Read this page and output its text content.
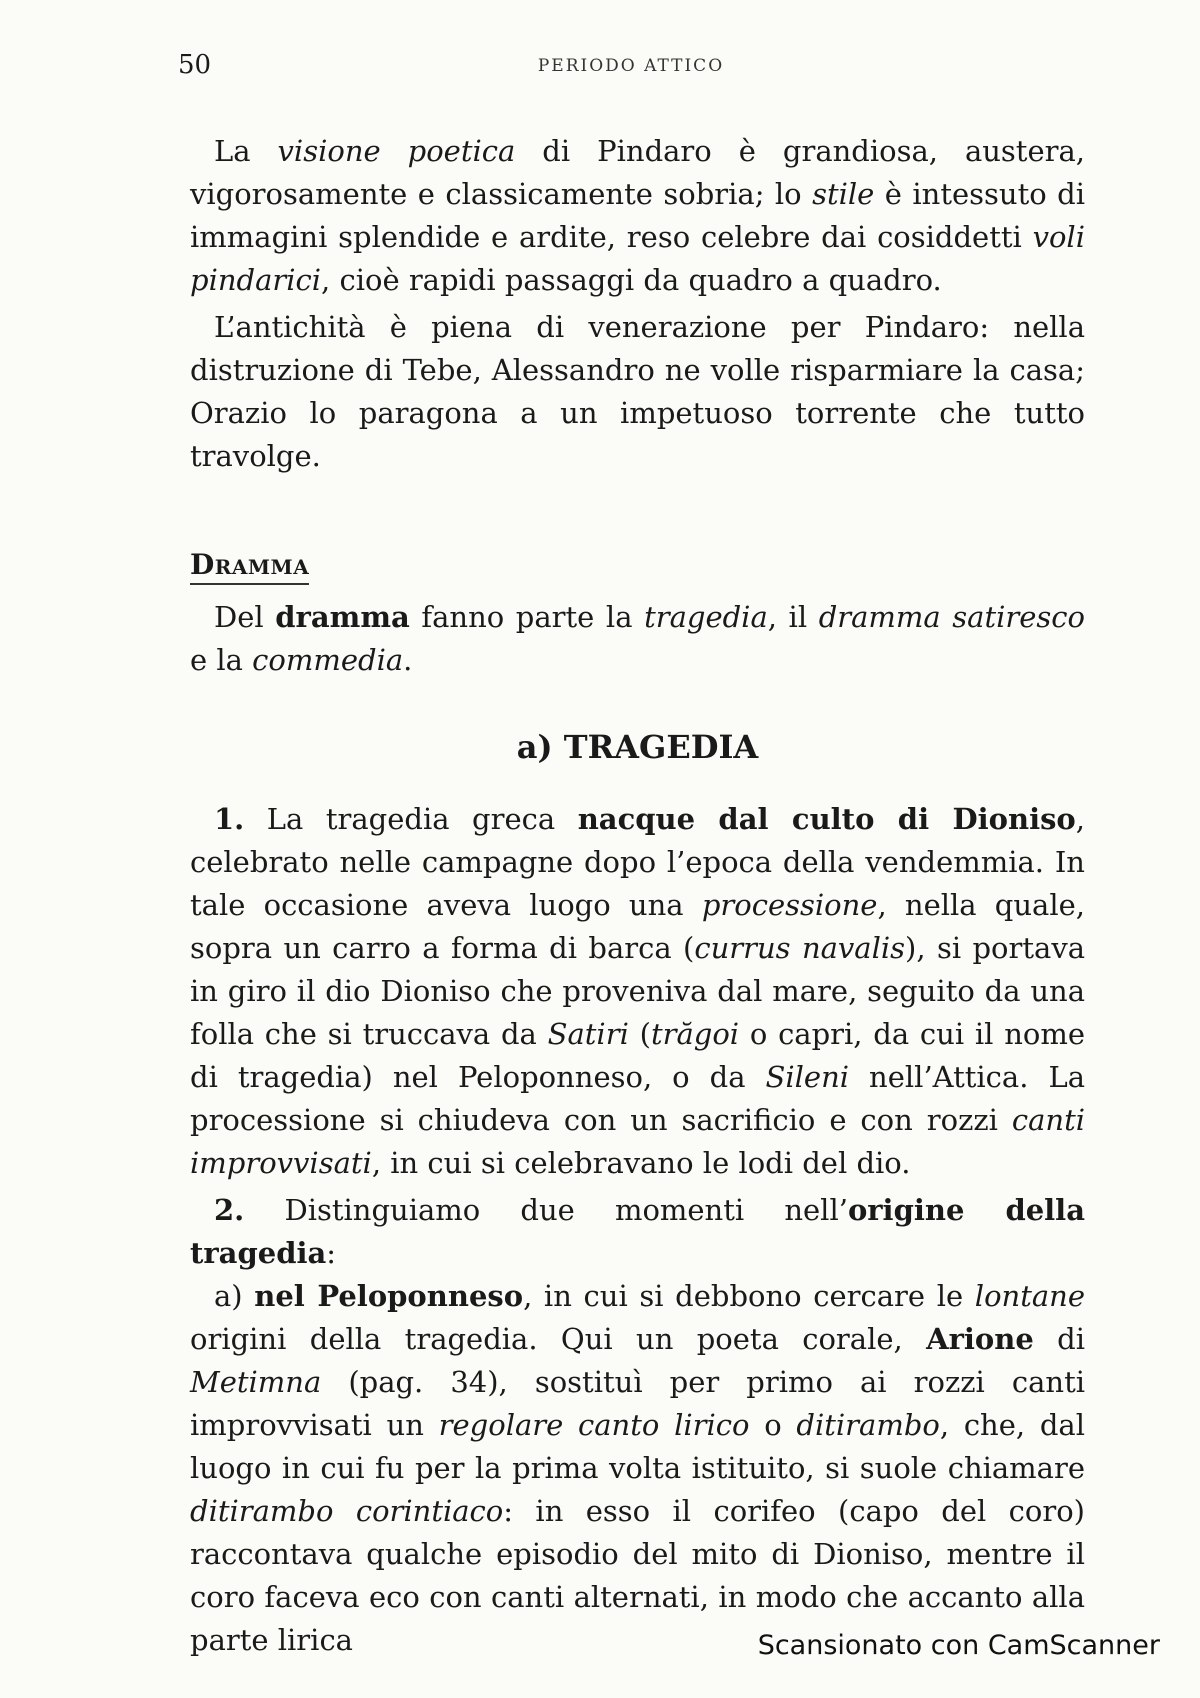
50	PERIODO ATTICO

La visione poetica di Pindaro è grandiosa, austera, vigorosamente e classicamente sobria; lo stile è intessuto di immagini splendide e ardite, reso celebre dai cosiddetti voli pindarici, cioè rapidi passaggi da quadro a quadro.

L’antichità è piena di venerazione per Pindaro: nella distruzione di Tebe, Alessandro ne volle risparmiare la casa; Orazio lo paragona a un impetuoso torrente che tutto travolge.

Dramma

Del dramma fanno parte la tragedia, il dramma satiresco e la commedia.

a) TRAGEDIA

1. La tragedia greca nacque dal culto di Dioniso, celebrato nelle campagne dopo l’epoca della vendemmia. In tale occasione aveva luogo una processione, nella quale, sopra un carro a forma di barca (currus navalis), si portava in giro il dio Dioniso che proveniva dal mare, seguito da una folla che si truccava da Satiri (trăgoi o capri, da cui il nome di tragedia) nel Peloponneso, o da Sileni nell’Attica. La processione si chiudeva con un sacrificio e con rozzi canti improvvisati, in cui si celebravano le lodi del dio.

2. Distinguiamo due momenti nell’origine della tragedia:

a) nel Peloponneso, in cui si debbono cercare le lontane origini della tragedia. Qui un poeta corale, Arione di Metimna (pag. 34), sostituì per primo ai rozzi canti improvvisati un regolare canto lirico o ditirambo, che, dal luogo in cui fu per la prima volta istituito, si suole chiamare ditirambo corintiaco: in esso il corifeo (capo del coro) raccontava qualche episodio del mito di Dioniso, mentre il coro faceva eco con canti alternati, in modo che accanto alla parte lirica	Scansionato con CamScanner
